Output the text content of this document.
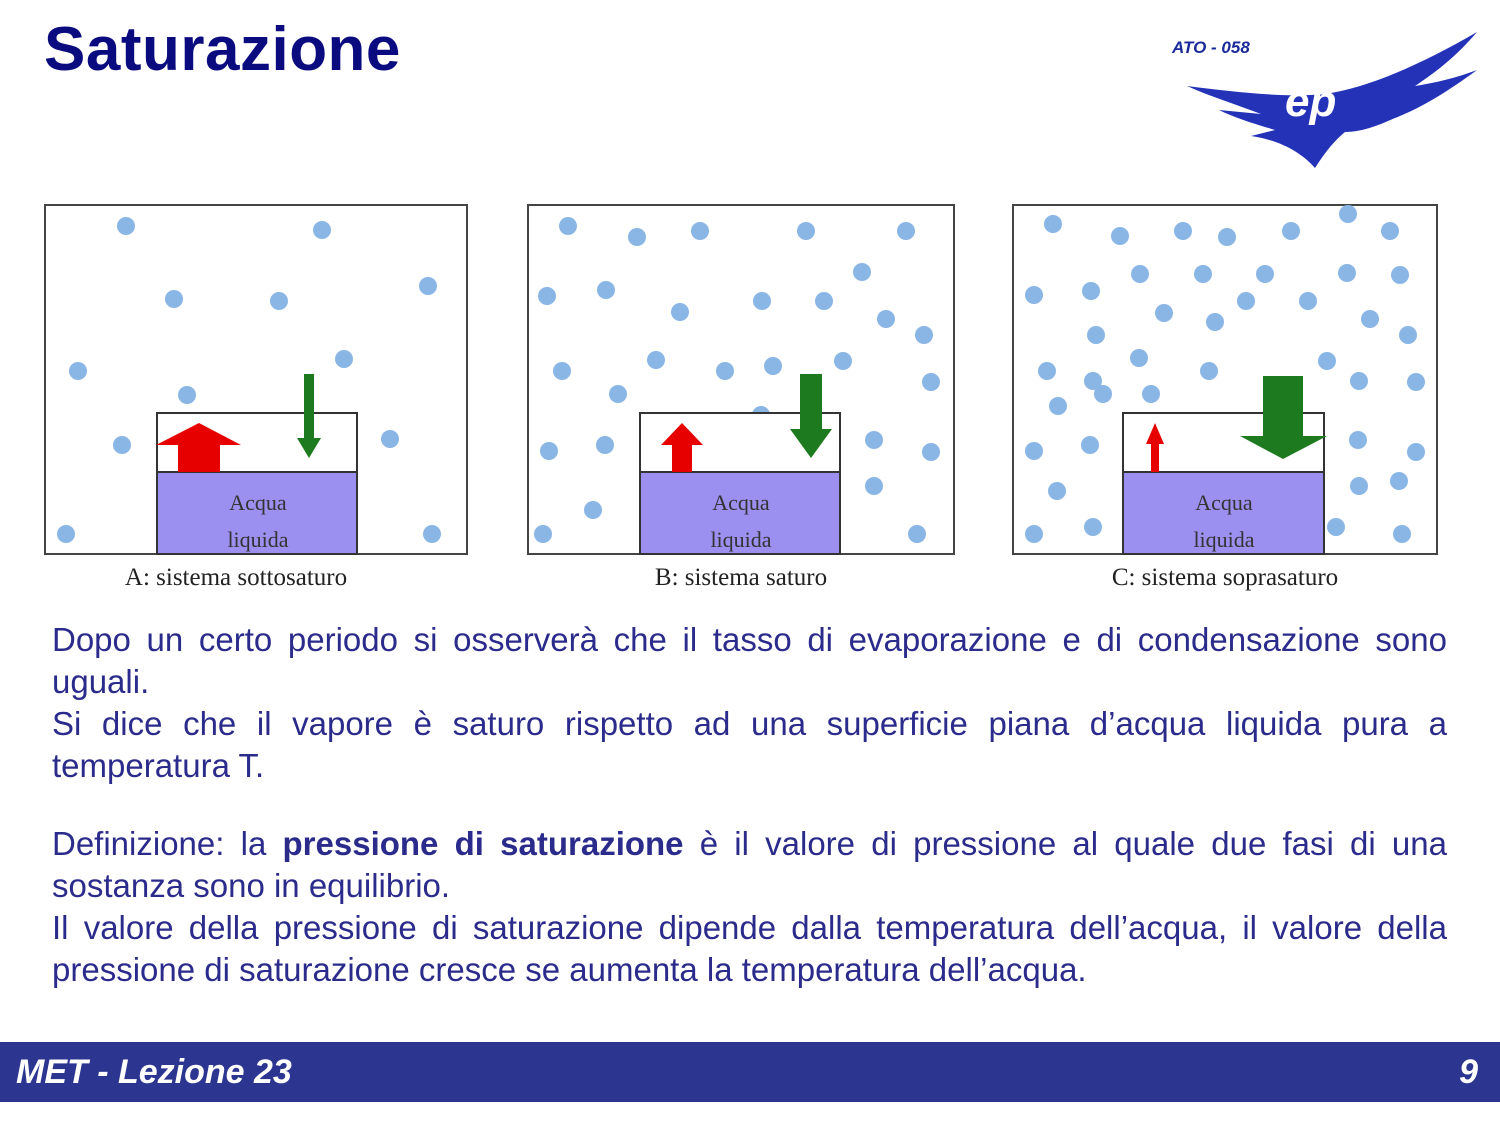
Saturazione
ep
ATO - 058
Acqua
liquida
A: sistema sottosaturo
Acqua
liquida
B: sistema saturo
Acqua
liquida
C: sistema soprasaturo

Dopo un certo periodo si osserverà che il tasso di evaporazione e di condensazione sono uguali.

Si dice che il vapore è saturo rispetto ad una superficie piana d’acqua liquida pura a temperatura T.

Definizione: la pressione di saturazione è il valore di pressione al quale due fasi di una sostanza sono in equilibrio.

Il valore della pressione di saturazione dipende dalla temperatura dell’acqua, il valore della pressione di saturazione cresce se aumenta la temperatura dell’acqua.

MET - Lezione 23	9
